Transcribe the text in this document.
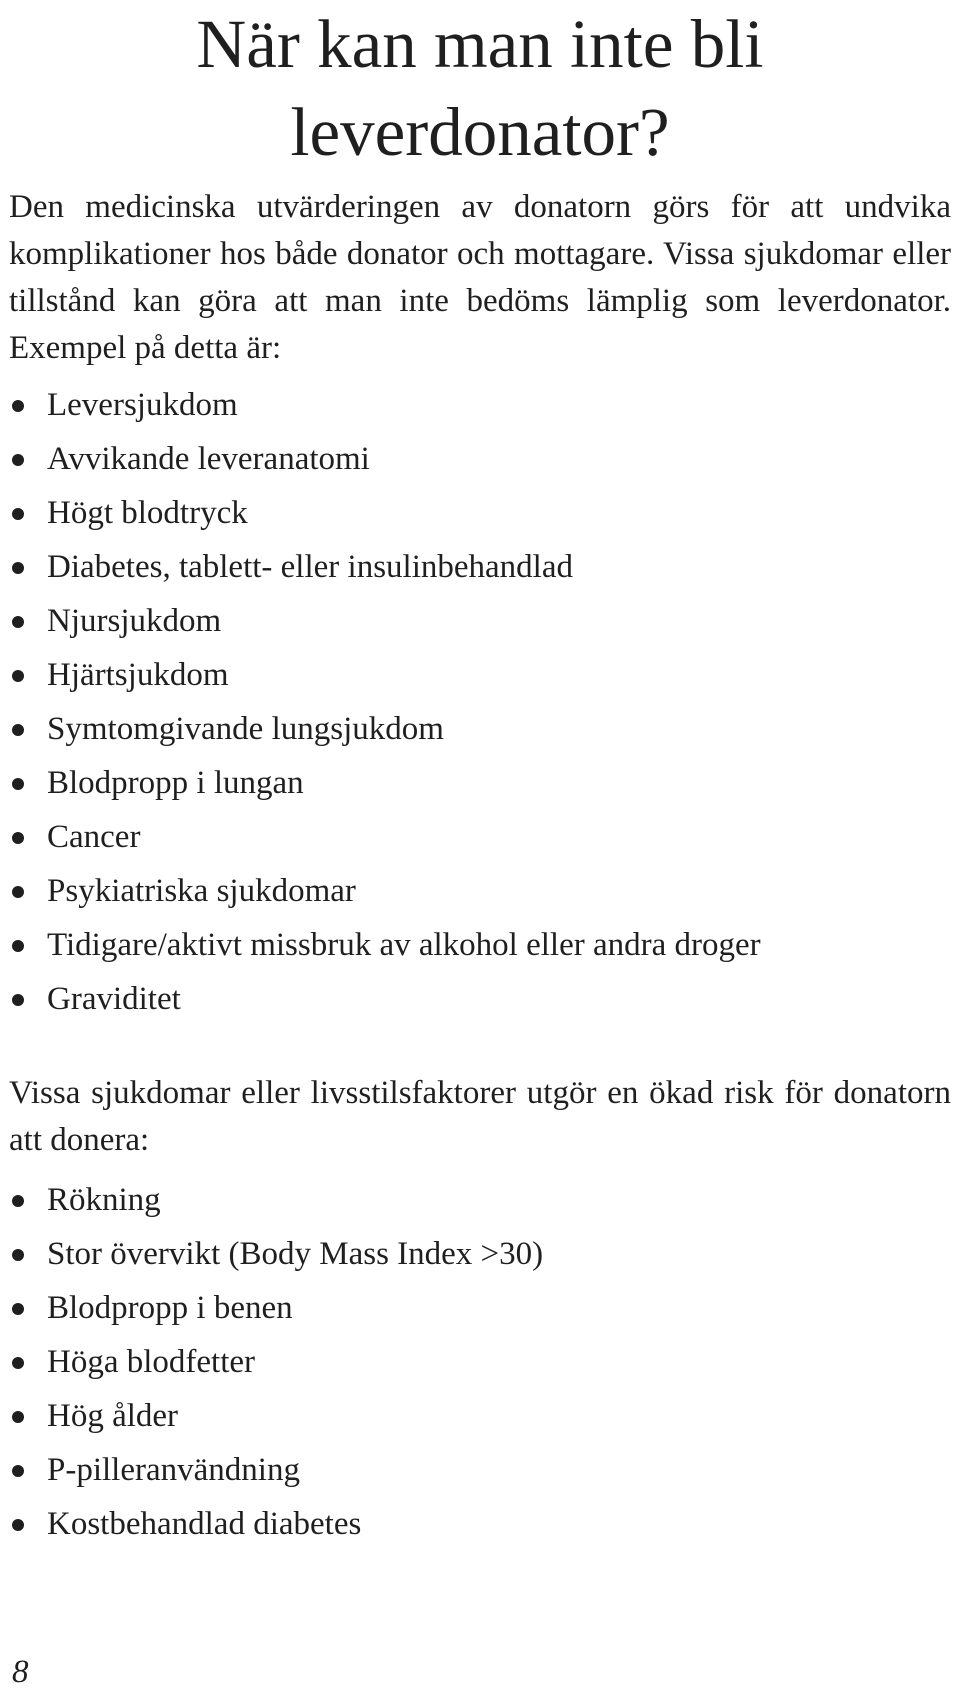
När kan man inte bli
leverdonator?

Den medicinska utvärderingen av donatorn görs för att undvika komplikationer hos både donator och mottagare. Vissa sjukdomar eller tillstånd kan göra att man inte bedöms lämplig som leverdonator. Exempel på detta är:

Leversjukdom
Avvikande leveranatomi
Högt blodtryck
Diabetes, tablett- eller insulinbehandlad
Njursjukdom
Hjärtsjukdom
Symtomgivande lungsjukdom
Blodpropp i lungan
Cancer
Psykiatriska sjukdomar
Tidigare/aktivt missbruk av alkohol eller andra droger
Graviditet

Vissa sjukdomar eller livsstilsfaktorer utgör en ökad risk för donatorn att donera:

Rökning
Stor övervikt (Body Mass Index >30)
Blodpropp i benen
Höga blodfetter
Hög ålder
P-pilleranvändning
Kostbehandlad diabetes
8
